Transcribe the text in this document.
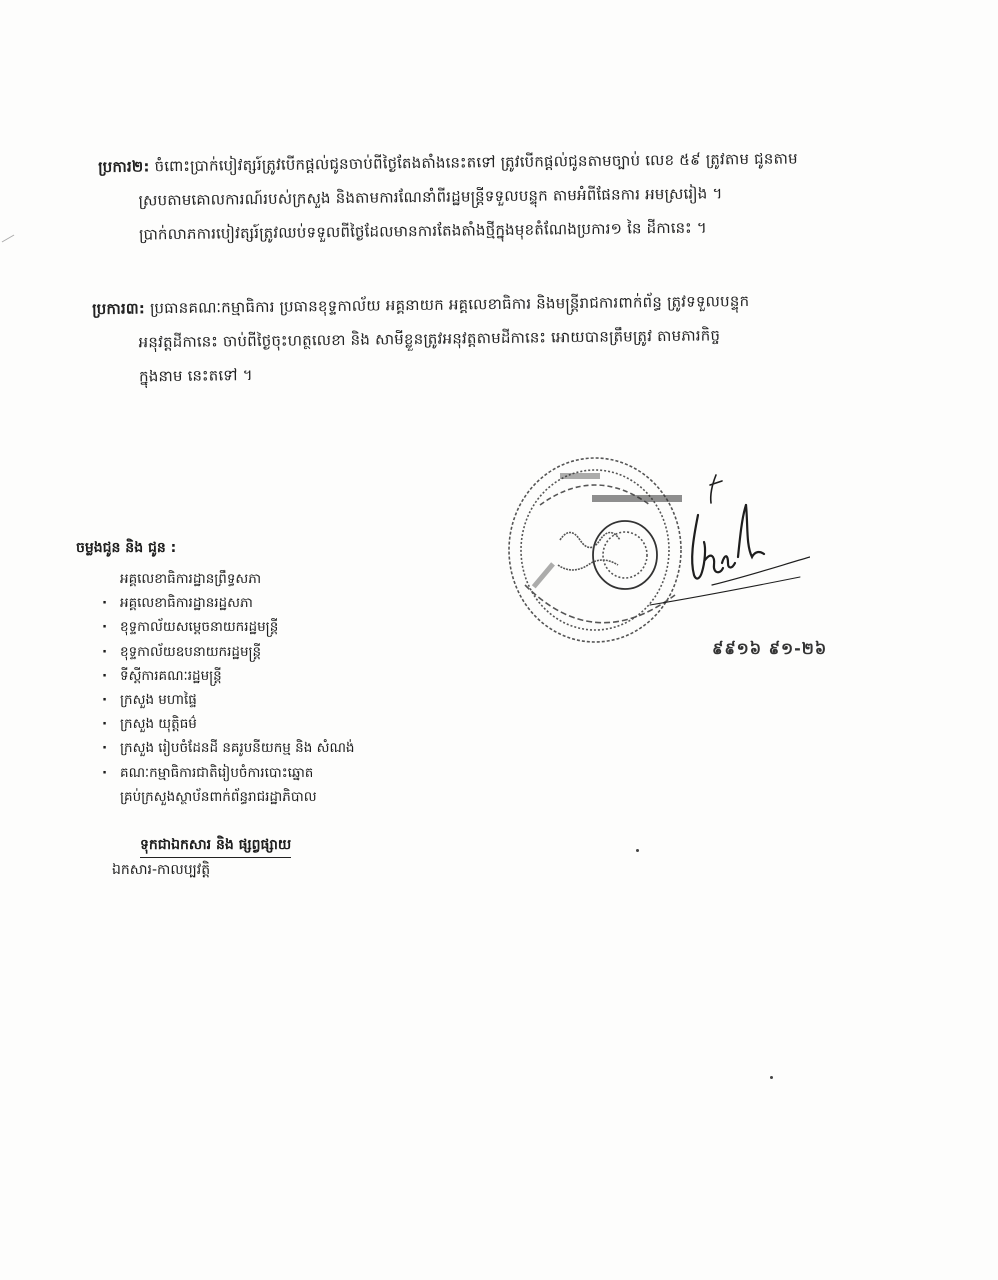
ប្រការ២: ចំពោះប្រាក់បៀវត្សរ៍ត្រូវបើកផ្តល់ជូនចាប់ពីថ្ងៃតែងតាំងនេះតទៅ ត្រូវបើកផ្តល់ជូនតាមច្បាប់ លេខ ៥៩ ត្រូវតាម ជូនតាម
ស្របតាមគោលការណ៍របស់ក្រសួង និងតាមការណែនាំពីរដ្ឋមន្ត្រីទទួលបន្ទុក តាមអំពីផែនការ អមស្ររៀង ។
ប្រាក់លាភការបៀវត្សរ៍ត្រូវឈប់ទទួលពីថ្ងៃដែលមានការតែងតាំងថ្មីក្នុងមុខតំណែងប្រការ១ នៃ ដីកានេះ ។
ប្រការ៣: ប្រធានគណៈកម្មាធិការ ប្រធានខុទ្ទកាល័យ អគ្គនាយក អគ្គលេខាធិការ និងមន្ត្រីរាជការពាក់ព័ន្ធ ត្រូវទទួលបន្ទុក
អនុវត្តដីកានេះ ចាប់ពីថ្ងៃចុះហត្ថលេខា និង សាមីខ្លួនត្រូវអនុវត្តតាមដីកានេះ អោយបានត្រឹមត្រូវ តាមភារកិច្ច
ក្នុងនាម នេះតទៅ ។
៩៩១៦ ៩១-២៦
ចម្លងជូន និង ជូន :
អគ្គលេខាធិការដ្ឋានព្រឹទ្ធសភា
· អគ្គលេខាធិការដ្ឋានរដ្ឋសភា
· ខុទ្ទកាល័យសម្តេចនាយករដ្ឋមន្ត្រី
· ខុទ្ទកាល័យឧបនាយករដ្ឋមន្ត្រី
· ទីស្តីការគណៈរដ្ឋមន្ត្រី
· ក្រសួង មហាផ្ទៃ
· ក្រសួង យុត្តិធម៌
· ក្រសួង រៀបចំដែនដី នគរូបនីយកម្ម និង សំណង់
· គណៈកម្មាធិការជាតិរៀបចំការបោះឆ្នោត
គ្រប់ក្រសួងស្ថាប័នពាក់ព័ន្ធរាជរដ្ឋាភិបាល
ទុកជាឯកសារ និង ផ្សព្វផ្សាយ
ឯកសារ-កាលប្បវត្តិ
